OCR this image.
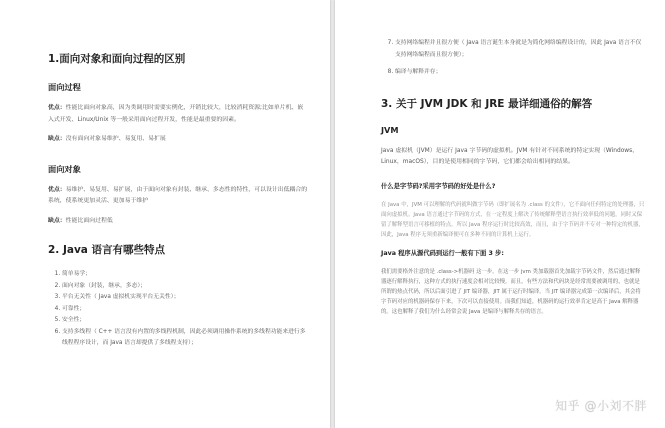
1.面向对象和面向过程的区别

面向过程

优点：性能比面向对象高，因为类调用时需要实例化，开销比较大，比较消耗资源;比如单片机、嵌入式开发、Linux/Unix 等一般采用面向过程开发，性能是最重要的因素。

缺点：没有面向对象易维护、易复用、易扩展

面向对象

优点：易维护、易复用、易扩展，由于面向对象有封装、继承、多态性的特性，可以设计出低耦合的系统，使系统更加灵活、更加易于维护

缺点：性能比面向过程低

2. Java 语言有哪些特点

1. 简单易学；
2. 面向对象（封装，继承，多态）；
3. 平台无关性（ Java 虚拟机实现平台无关性）；
4. 可靠性；
5. 安全性；
6. 支持多线程（ C++ 语言没有内置的多线程机制，因此必须调用操作系统的多线程功能来进行多线程程序设计，而 Java 语言却提供了多线程支持）；
7. 支持网络编程并且很方便（ Java 语言诞生本身就是为简化网络编程设计的，因此 Java 语言不仅支持网络编程而且很方便）；
8. 编译与解释并存；

3. 关于 JVM JDK 和 JRE 最详细通俗的解答

JVM

Java 虚拟机（JVM）是运行 Java 字节码的虚拟机。JVM 有针对不同系统的特定实现（Windows，Linux，macOS），目的是使用相同的字节码，它们都会给出相同的结果。

什么是字节码?采用字节码的好处是什么?

在 Java 中，JVM 可以理解的代码就叫做字节码（即扩展名为 .class 的文件），它不面向任何特定的处理器，只面向虚拟机。Java 语言通过字节码的方式，在一定程度上解决了传统解释型语言执行效率低的问题，同时又保留了解释型语言可移植的特点。所以 Java 程序运行时比较高效，而且，由于字节码并不专对一种特定的机器，因此，Java 程序无须重新编译便可在多种不同的计算机上运行。

Java 程序从源代码到运行一般有下面 3 步:

我们需要格外注意的是 .class->机器码 这一步。在这一步 jvm 类加载器首先加载字节码文件，然后通过解释器逐行解释执行，这种方式的执行速度会相对比较慢。而且，有些方法和代码块是经常需要被调用的，也就是所谓的热点代码，所以后面引进了 JIT 编译器，JIT 属于运行时编译。当 JIT 编译器完成第一次编译后，其会将字节码对应的机器码保存下来，下次可以直接使用。而我们知道，机器码的运行效率肯定是高于 Java 解释器的。这也解释了我们为什么经常会说 Java 是编译与解释共存的语言。

知乎 @小刘不胖
